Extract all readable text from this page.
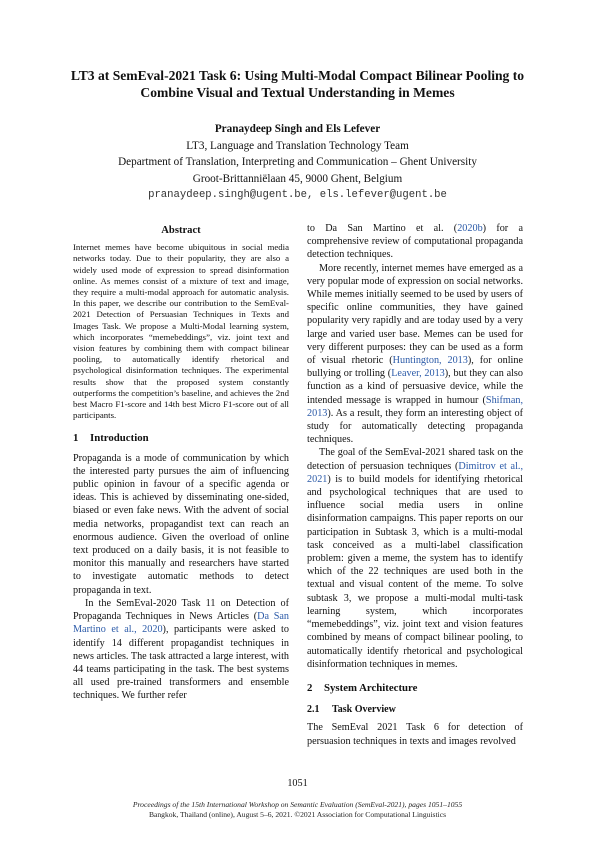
LT3 at SemEval-2021 Task 6: Using Multi-Modal Compact Bilinear Pooling to Combine Visual and Textual Understanding in Memes
Pranaydeep Singh and Els Lefever
LT3, Language and Translation Technology Team
Department of Translation, Interpreting and Communication – Ghent University
Groot-Brittanniëlaan 45, 9000 Ghent, Belgium
pranaydeep.singh@ugent.be, els.lefever@ugent.be
Abstract

Internet memes have become ubiquitous in social media networks today. Due to their popularity, they are also a widely used mode of expression to spread disinformation online. As memes consist of a mixture of text and image, they require a multi-modal approach for automatic analysis. In this paper, we describe our contribution to the SemEval-2021 Detection of Persuasian Techniques in Texts and Images Task. We propose a Multi-Modal learning system, which incorporates “memebeddings”, viz. joint text and vision features by combining them with compact bilinear pooling, to automatically identify rhetorical and psychological disinformation techniques. The experimental results show that the proposed system constantly outperforms the competition’s baseline, and achieves the 2nd best Macro F1-score and 14th best Micro F1-score out of all participants.

1 Introduction

Propaganda is a mode of communication by which the interested party pursues the aim of influencing public opinion in favour of a specific agenda or ideas. This is achieved by disseminating one-sided, biased or even fake news. With the advent of social media networks, propagandist text can reach an enormous audience. Given the overload of online text produced on a daily basis, it is not feasible to monitor this manually and researchers have started to investigate automatic methods to detect propaganda in text.

In the SemEval-2020 Task 11 on Detection of Propaganda Techniques in News Articles (Da San Martino et al., 2020), participants were asked to identify 14 different propagandist techniques in news articles. The task attracted a large interest, with 44 teams participating in the task. The best systems all used pre-trained transformers and ensemble techniques. We further refer

to Da San Martino et al. (2020b) for a comprehensive review of computational propaganda detection techniques.

More recently, internet memes have emerged as a very popular mode of expression on social networks. While memes initially seemed to be used by users of specific online communities, they have gained popularity very rapidly and are today used by a very large and varied user base. Memes can be used for very different purposes: they can be used as a form of visual rhetoric (Huntington, 2013), for online bullying or trolling (Leaver, 2013), but they can also function as a kind of persuasive device, while the intended message is wrapped in humour (Shifman, 2013). As a result, they form an interesting object of study for automatically detecting propaganda techniques.

The goal of the SemEval-2021 shared task on the detection of persuasion techniques (Dimitrov et al., 2021) is to build models for identifying rhetorical and psychological techniques that are used to influence social media users in online disinformation campaigns. This paper reports on our participation in Subtask 3, which is a multi-modal task conceived as a multi-label classification problem: given a meme, the system has to identify which of the 22 techniques are used both in the textual and visual content of the meme. To solve subtask 3, we propose a multi-modal multi-task learning system, which incorporates “memebeddings”, viz. joint text and vision features combined by means of compact bilinear pooling, to automatically identify rhetorical and psychological disinformation techniques in memes.

2 System Architecture
2.1 Task Overview

The SemEval 2021 Task 6 for detection of persuasion techniques in texts and images revolved

1051
Proceedings of the 15th International Workshop on Semantic Evaluation (SemEval-2021), pages 1051–1055
Bangkok, Thailand (online), August 5–6, 2021. ©2021 Association for Computational Linguistics
